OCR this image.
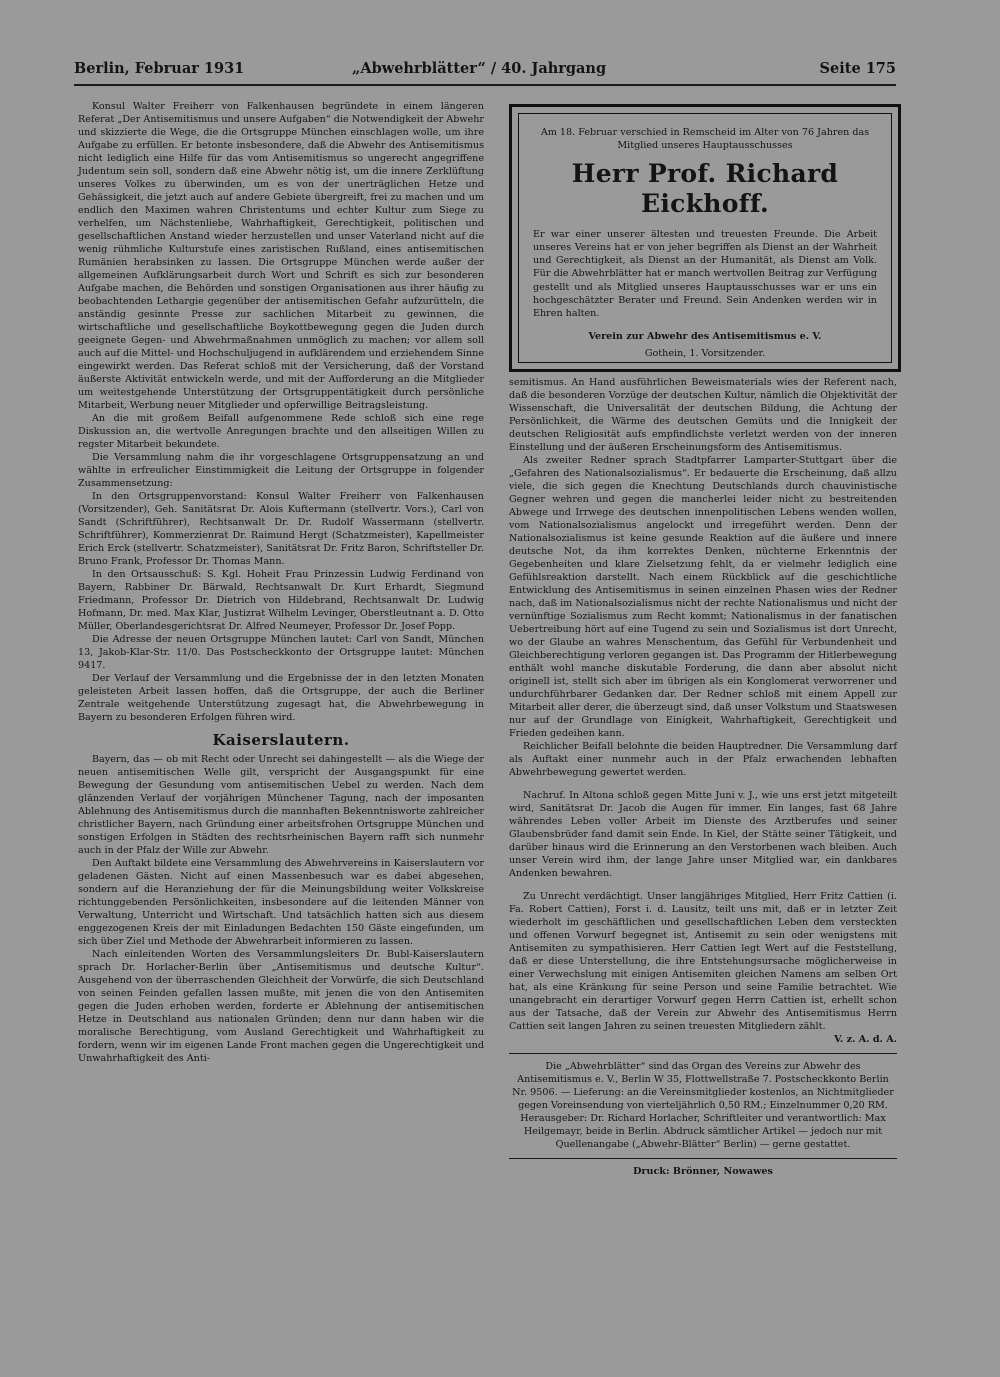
Berlin, Februar 1931	„Abwehrblätter“ / 40. Jahrgang	Seite 175

Konsul Walter Freiherr von Falkenhausen begründete in einem längeren Referat „Der Antisemitismus und unsere Aufgaben“ die Notwendigkeit der Abwehr und skizzierte die Wege, die die Ortsgruppe München einschlagen wolle, um ihre Aufgabe zu erfüllen. Er betonte insbesondere, daß die Abwehr des Antisemitismus nicht lediglich eine Hilfe für das vom Antisemitismus so ungerecht angegriffene Judentum sein soll, sondern daß eine Abwehr nötig ist, um die innere Zerklüftung unseres Volkes zu überwinden, um es von der unerträglichen Hetze und Gehässigkeit, die jetzt auch auf andere Gebiete übergreift, frei zu machen und um endlich den Maximen wahren Christentums und echter Kultur zum Siege zu verhelfen, um Nächstenliebe, Wahrhaftigkeit, Gerechtigkeit, politischen und gesellschaftlichen Anstand wieder herzustellen und unser Vaterland nicht auf die wenig rühmliche Kulturstufe eines zaristischen Rußland, eines antisemitischen Rumänien herabsinken zu lassen. Die Ortsgruppe München werde außer der allgemeinen Aufklärungsarbeit durch Wort und Schrift es sich zur besonderen Aufgabe machen, die Behörden und sonstigen Organisationen aus ihrer häufig zu beobachtenden Lethargie gegenüber der antisemitischen Gefahr aufzurütteln, die anständig gesinnte Presse zur sachlichen Mitarbeit zu gewinnen, die wirtschaftliche und gesellschaftliche Boykottbewegung gegen die Juden durch geeignete Gegen- und Abwehrmaßnahmen unmöglich zu machen; vor allem soll auch auf die Mittel- und Hochschuljugend in aufklärendem und erziehendem Sinne eingewirkt werden. Das Referat schloß mit der Versicherung, daß der Vorstand äußerste Aktivität entwickeln werde, und mit der Aufforderung an die Mitglieder um weitestgehende Unterstützung der Ortsgruppentätigkeit durch persönliche Mitarbeit, Werbung neuer Mitglieder und opferwillige Beitragsleistung.

An die mit großem Beifall aufgenommene Rede schloß sich eine rege Diskussion an, die wertvolle Anregungen brachte und den allseitigen Willen zu regster Mitarbeit bekundete.

Die Versammlung nahm die ihr vorgeschlagene Ortsgruppensatzung an und wählte in erfreulicher Einstimmigkeit die Leitung der Ortsgruppe in folgender Zusammensetzung:

In den Ortsgruppenvorstand: Konsul Walter Freiherr von Falkenhausen (Vorsitzender), Geh. Sanitätsrat Dr. Alois Kuftermann (stellvertr. Vors.), Carl von Sandt (Schriftführer), Rechtsanwalt Dr. Dr. Rudolf Wassermann (stellvertr. Schriftführer), Kommerzienrat Dr. Raimund Hergt (Schatzmeister), Kapellmeister Erich Erck (stellvertr. Schatzmeister), Sanitätsrat Dr. Fritz Baron, Schriftsteller Dr. Bruno Frank, Professor Dr. Thomas Mann.

In den Ortsausschuß: S. Kgl. Hoheit Frau Prinzessin Ludwig Ferdinand von Bayern, Rabbiner Dr. Bärwald, Rechtsanwalt Dr. Kurt Erhardt, Siegmund Friedmann, Professor Dr. Dietrich von Hildebrand, Rechtsanwalt Dr. Ludwig Hofmann, Dr. med. Max Klar, Justizrat Wilhelm Levinger, Oberstleutnant a. D. Otto Müller, Oberlandesgerichtsrat Dr. Alfred Neumeyer, Professor Dr. Josef Popp.

Die Adresse der neuen Ortsgruppe München lautet: Carl von Sandt, München 13, Jakob-Klar-Str. 11/0. Das Postscheckkonto der Ortsgruppe lautet: München 9417.

Der Verlauf der Versammlung und die Ergebnisse der in den letzten Monaten geleisteten Arbeit lassen hoffen, daß die Ortsgruppe, der auch die Berliner Zentrale weitgehende Unterstützung zugesagt hat, die Abwehrbewegung in Bayern zu besonderen Erfolgen führen wird.

Kaiserslautern.

Bayern, das — ob mit Recht oder Unrecht sei dahingestellt — als die Wiege der neuen antisemitischen Welle gilt, verspricht der Ausgangspunkt für eine Bewegung der Gesundung vom antisemitischen Uebel zu werden. Nach dem glänzenden Verlauf der vorjährigen Münchener Tagung, nach der imposanten Ablehnung des Antisemitismus durch die mannhaften Bekenntnisworte zahlreicher christlicher Bayern, nach Gründung einer arbeitsfrohen Ortsgruppe München und sonstigen Erfolgen in Städten des rechtsrheinischen Bayern rafft sich nunmehr auch in der Pfalz der Wille zur Abwehr.

Den Auftakt bildete eine Versammlung des Abwehrvereins in Kaiserslautern vor geladenen Gästen. Nicht auf einen Massenbesuch war es dabei abgesehen, sondern auf die Heranziehung der für die Meinungsbildung weiter Volkskreise richtunggebenden Persönlichkeiten, insbesondere auf die leitenden Männer von Verwaltung, Unterricht und Wirtschaft. Und tatsächlich hatten sich aus diesem enggezogenen Kreis der mit Einladungen Bedachten 150 Gäste eingefunden, um sich über Ziel und Methode der Abwehrarbeit informieren zu lassen.

Nach einleitenden Worten des Versammlungsleiters Dr. Bubl-Kaiserslautern sprach Dr. Horlacher-Berlin über „Antisemitismus und deutsche Kultur“. Ausgehend von der überraschenden Gleichheit der Vorwürfe, die sich Deutschland von seinen Feinden gefallen lassen mußte, mit jenen die von den Antisemiten gegen die Juden erhoben werden, forderte er Ablehnung der antisemitischen Hetze in Deutschland aus nationalen Gründen; denn nur dann haben wir die moralische Berechtigung, vom Ausland Gerechtigkeit und Wahrhaftigkeit zu fordern, wenn wir im eigenen Lande Front machen gegen die Ungerechtigkeit und Unwahrhaftigkeit des Anti-

Am 18. Februar verschied in Remscheid im Alter von 76 Jahren das Mitglied unseres Hauptausschusses
Herr Prof. Richard Eickhoff.
Er war einer unserer ältesten und treuesten Freunde. Die Arbeit unseres Vereins hat er von jeher begriffen als Dienst an der Wahrheit und Gerechtigkeit, als Dienst an der Humanität, als Dienst am Volk. Für die Abwehrblätter hat er manch wertvollen Beitrag zur Verfügung gestellt und als Mitglied unseres Hauptausschusses war er uns ein hochgeschätzter Berater und Freund. Sein Andenken werden wir in Ehren halten.
Verein zur Abwehr des Antisemitismus e. V.
Gothein, 1. Vorsitzender.

semitismus. An Hand ausführlichen Beweismaterials wies der Referent nach, daß die besonderen Vorzüge der deutschen Kultur, nämlich die Objektivität der Wissenschaft, die Universalität der deutschen Bildung, die Achtung der Persönlichkeit, die Wärme des deutschen Gemüts und die Innigkeit der deutschen Religiosität aufs empfindlichste verletzt werden von der inneren Einstellung und der äußeren Erscheinungsform des Antisemitismus.

Als zweiter Redner sprach Stadtpfarrer Lamparter-Stuttgart über die „Gefahren des Nationalsozialismus“. Er bedauerte die Erscheinung, daß allzu viele, die sich gegen die Knechtung Deutschlands durch chauvinistische Gegner wehren und gegen die mancherlei leider nicht zu bestreitenden Abwege und Irrwege des deutschen innenpolitischen Lebens wenden wollen, vom Nationalsozialismus angelockt und irregeführt werden. Denn der Nationalsozialismus ist keine gesunde Reaktion auf die äußere und innere deutsche Not, da ihm korrektes Denken, nüchterne Erkenntnis der Gegebenheiten und klare Zielsetzung fehlt, da er vielmehr lediglich eine Gefühlsreaktion darstellt. Nach einem Rückblick auf die geschichtliche Entwicklung des Antisemitismus in seinen einzelnen Phasen wies der Redner nach, daß im Nationalsozialismus nicht der rechte Nationalismus und nicht der vernünftige Sozialismus zum Recht kommt; Nationalismus in der fanatischen Uebertreibung hört auf eine Tugend zu sein und Sozialismus ist dort Unrecht, wo der Glaube an wahres Menschentum, das Gefühl für Verbundenheit und Gleichberechtigung verloren gegangen ist. Das Programm der Hitlerbewegung enthält wohl manche diskutable Forderung, die dann aber absolut nicht originell ist, stellt sich aber im übrigen als ein Konglomerat verworrener und undurchführbarer Gedanken dar. Der Redner schloß mit einem Appell zur Mitarbeit aller derer, die überzeugt sind, daß unser Volkstum und Staatswesen nur auf der Grundlage von Einigkeit, Wahrhaftigkeit, Gerechtigkeit und Frieden gedeihen kann.

Reichlicher Beifall belohnte die beiden Hauptredner. Die Versammlung darf als Auftakt einer nunmehr auch in der Pfalz erwachenden lebhaften Abwehrbewegung gewertet werden.

Nachruf. In Altona schloß gegen Mitte Juni v. J., wie uns erst jetzt mitgeteilt wird, Sanitätsrat Dr. Jacob die Augen für immer. Ein langes, fast 68 Jahre währendes Leben voller Arbeit im Dienste des Arztberufes und seiner Glaubensbrüder fand damit sein Ende. In Kiel, der Stätte seiner Tätigkeit, und darüber hinaus wird die Erinnerung an den Verstorbenen wach bleiben. Auch unser Verein wird ihm, der lange Jahre unser Mitglied war, ein dankbares Andenken bewahren.

Zu Unrecht verdächtigt. Unser langjähriges Mitglied, Herr Fritz Cattien (i. Fa. Robert Cattien), Forst i. d. Lausitz, teilt uns mit, daß er in letzter Zeit wiederholt im geschäftlichen und gesellschaftlichen Leben dem versteckten und offenen Vorwurf begegnet ist, Antisemit zu sein oder wenigstens mit Antisemiten zu sympathisieren. Herr Cattien legt Wert auf die Feststellung, daß er diese Unterstellung, die ihre Entstehungsursache möglicherweise in einer Verwechslung mit einigen Antisemiten gleichen Namens am selben Ort hat, als eine Kränkung für seine Person und seine Familie betrachtet. Wie unangebracht ein derartiger Vorwurf gegen Herrn Cattien ist, erhellt schon aus der Tatsache, daß der Verein zur Abwehr des Antisemitismus Herrn Cattien seit langen Jahren zu seinen treuesten Mitgliedern zählt.

V. z. A. d. A.
Die „Abwehrblätter“ sind das Organ des Vereins zur Abwehr des Antisemitismus e. V., Berlin W 35, Flottwellstraße 7. Postscheckkonto Berlin Nr. 9506. — Lieferung: an die Vereinsmitglieder kostenlos, an Nichtmitglieder gegen Voreinsendung von vierteljährlich 0,50 RM.; Einzelnummer 0,20 RM. Herausgeber: Dr. Richard Horlacher, Schriftleiter und verantwortlich: Max Heilgemayr, beide in Berlin. Abdruck sämtlicher Artikel — jedoch nur mit Quellenangabe („Abwehr-Blätter“ Berlin) — gerne gestattet.
Druck: Brönner, Nowawes
